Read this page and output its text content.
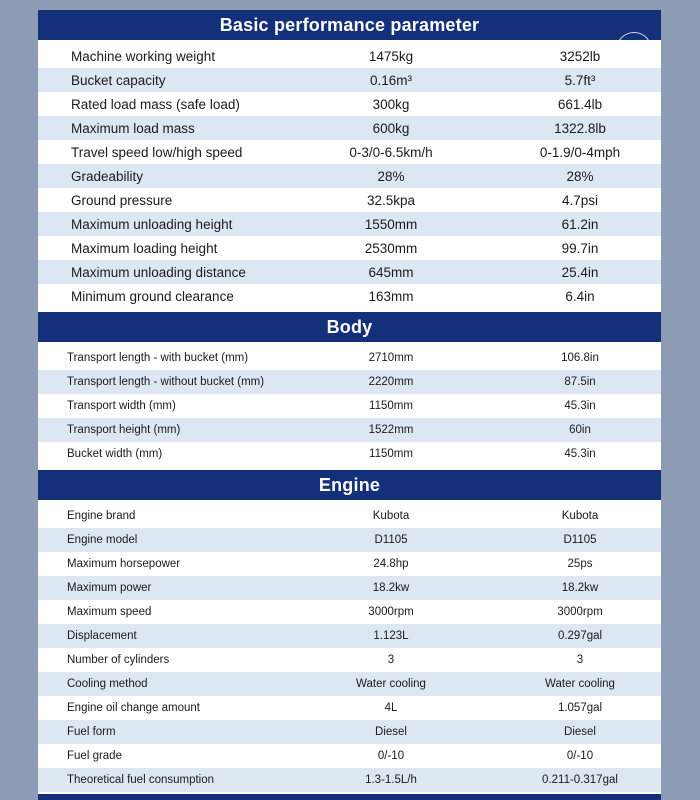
Basic performance parameter
Machine working weight	1475kg	3252lb
Bucket capacity	0.16m³	5.7ft³
Rated load mass (safe load)	300kg	661.4lb
Maximum load mass	600kg	1322.8lb
Travel speed low/high speed	0-3/0-6.5km/h	0-1.9/0-4mph
Gradeability	28%	28%
Ground pressure	32.5kpa	4.7psi
Maximum unloading height	1550mm	61.2in
Maximum loading height	2530mm	99.7in
Maximum unloading distance	645mm	25.4in
Minimum ground clearance	163mm	6.4in
Body
Transport length - with bucket (mm)	2710mm	106.8in
Transport length - without bucket (mm)	2220mm	87.5in
Transport width (mm)	1150mm	45.3in
Transport height (mm)	1522mm	60in
Bucket width (mm)	1150mm	45.3in
Engine
Engine brand	Kubota	Kubota
Engine model	D1105	D1105
Maximum horsepower	24.8hp	25ps
Maximum power	18.2kw	18.2kw
Maximum speed	3000rpm	3000rpm
Displacement	1.123L	0.297gal
Number of cylinders	3	3
Cooling method	Water cooling	Water cooling
Engine oil change amount	4L	1.057gal
Fuel form	Diesel	Diesel
Fuel grade	0/-10	0/-10
Theoretical fuel consumption	1.3-1.5L/h	0.211-0.317gal
